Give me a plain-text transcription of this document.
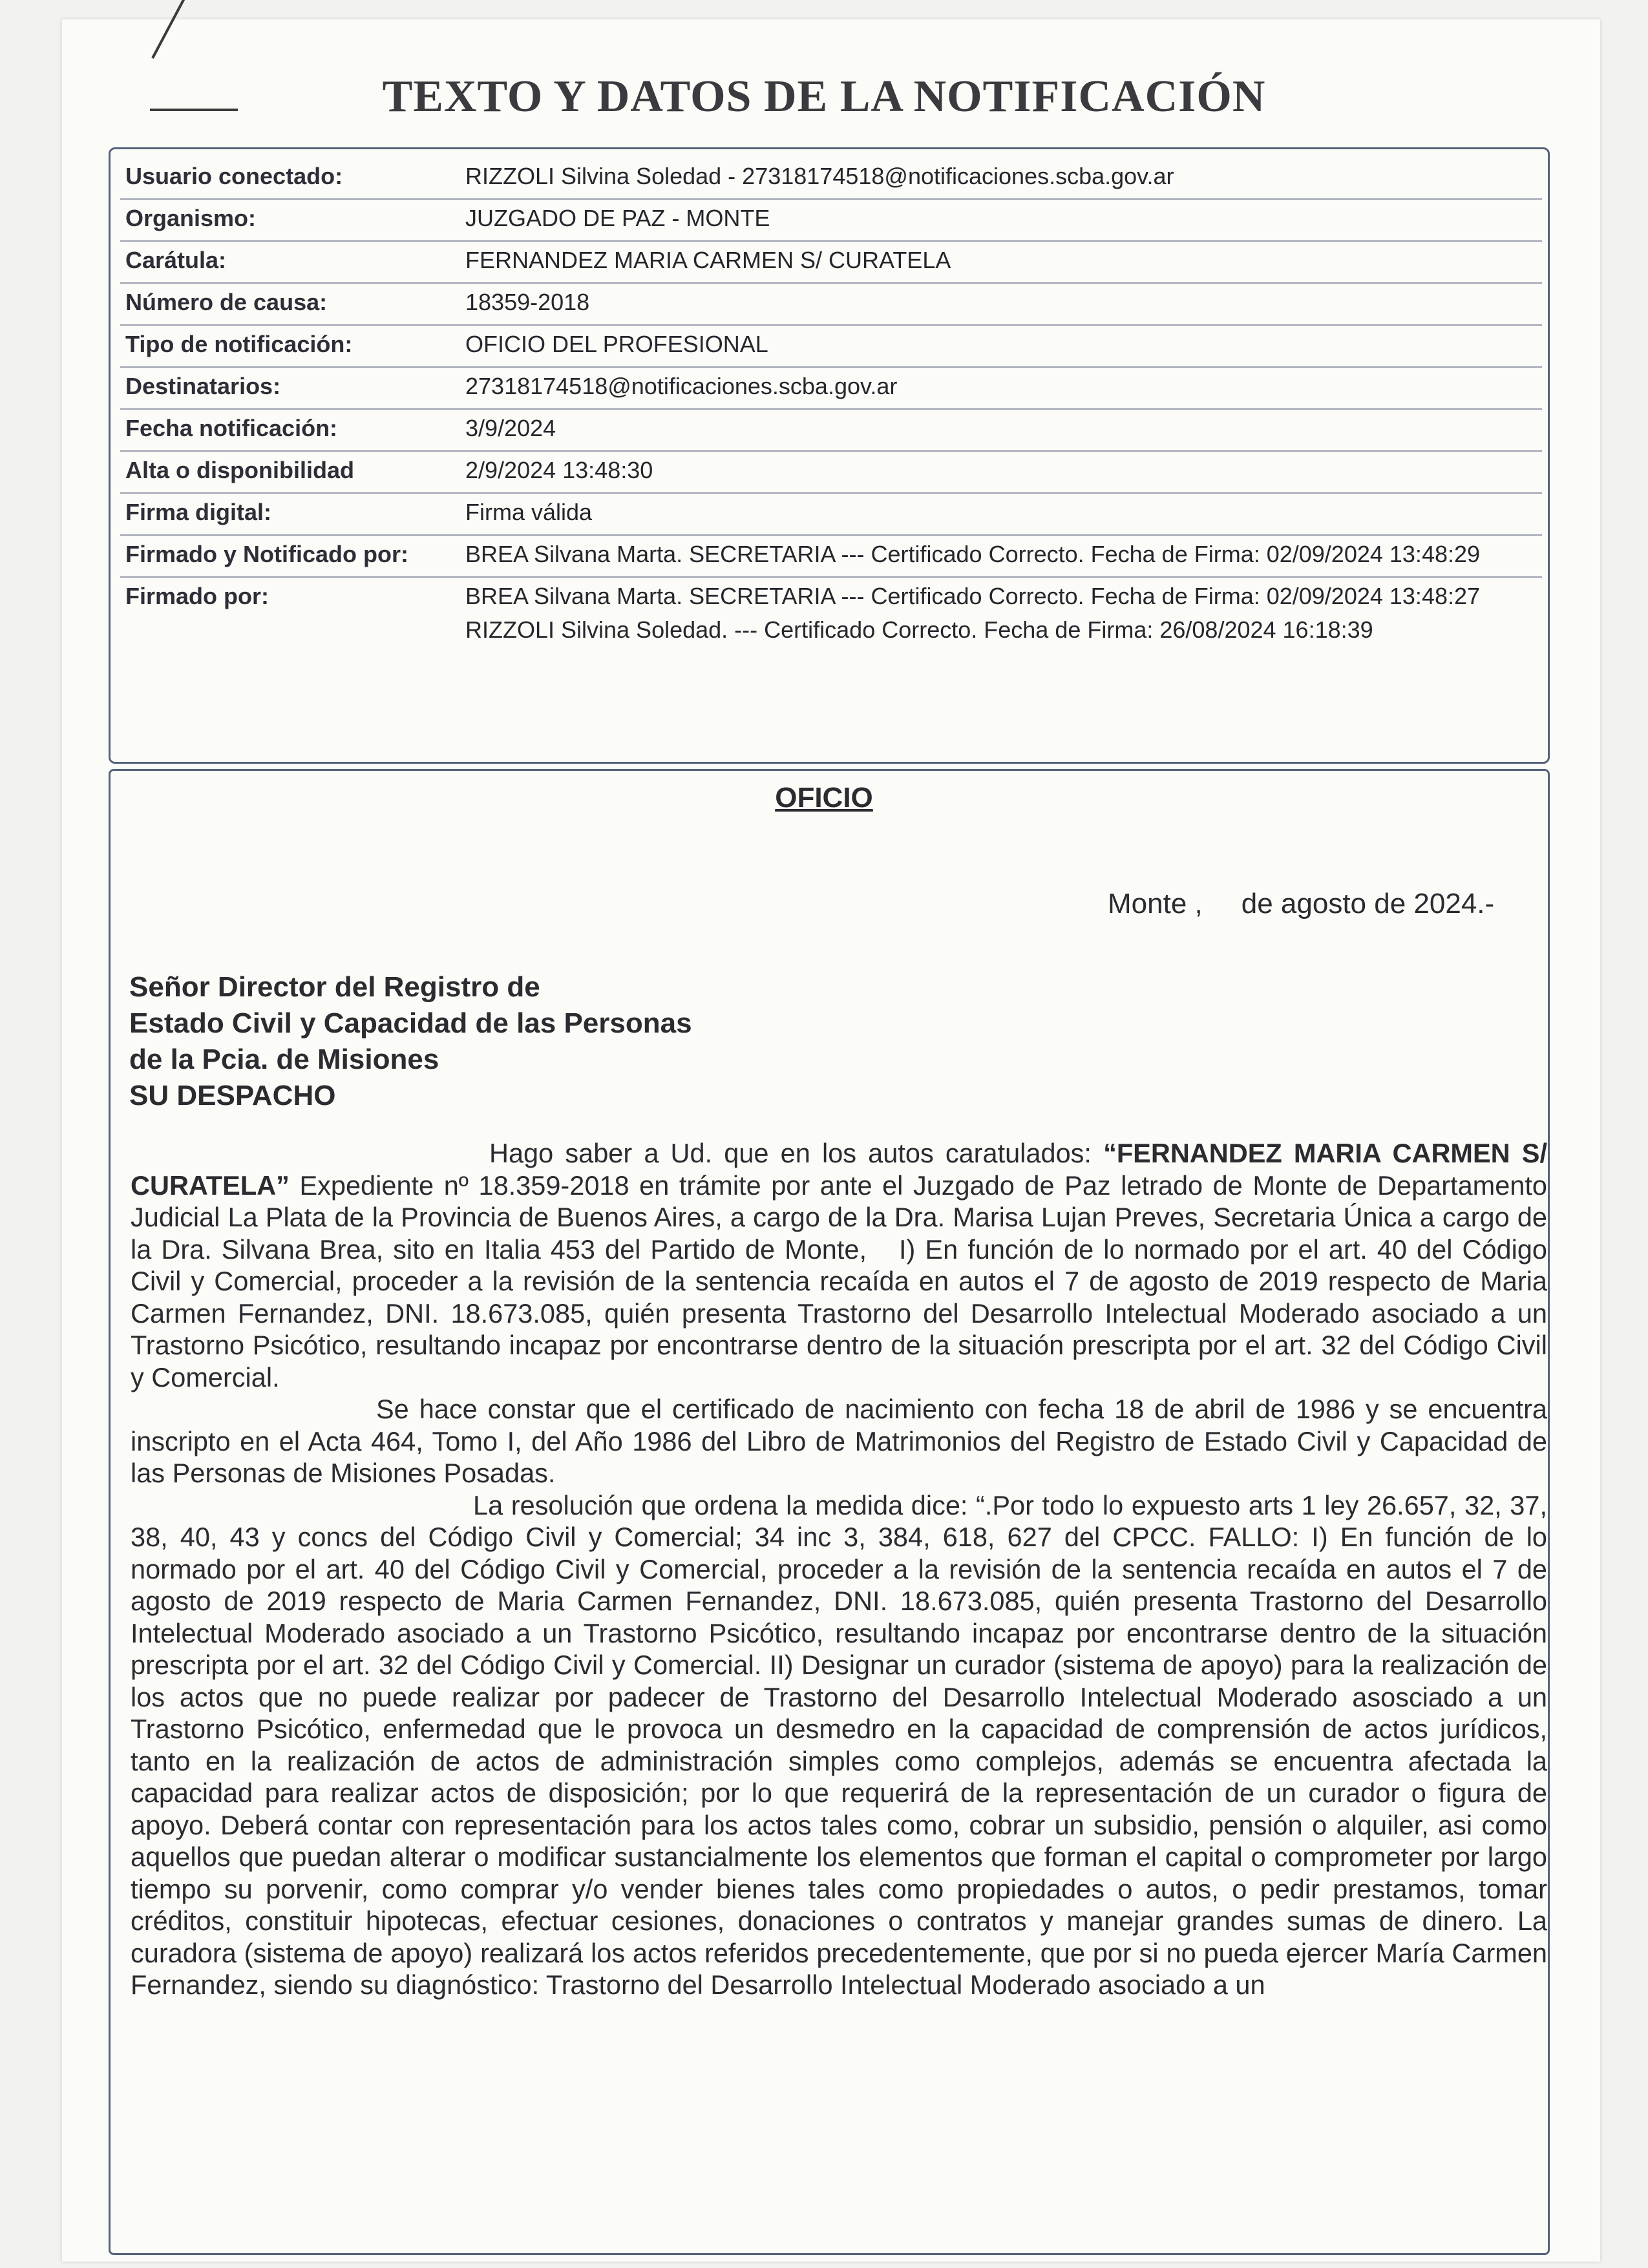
TEXTO Y DATOS DE LA NOTIFICACIÓN
Usuario conectado:	RIZZOLI Silvina Soledad - 27318174518@notificaciones.scba.gov.ar
Organismo:	JUZGADO DE PAZ - MONTE
Carátula:	FERNANDEZ MARIA CARMEN S/ CURATELA
Número de causa:	18359-2018
Tipo de notificación:	OFICIO DEL PROFESIONAL
Destinatarios:	27318174518@notificaciones.scba.gov.ar
Fecha notificación:	3/9/2024
Alta o disponibilidad	2/9/2024 13:48:30
Firma digital:	Firma válida
Firmado y Notificado por:	BREA Silvana Marta. SECRETARIA --- Certificado Correcto. Fecha de Firma: 02/09/2024 13:48:29
Firmado por:	BREA Silvana Marta. SECRETARIA --- Certificado Correcto. Fecha de Firma: 02/09/2024 13:48:27 RIZZOLI Silvina Soledad. --- Certificado Correcto. Fecha de Firma: 26/08/2024 16:18:39
OFICIO
Monte , de agosto de 2024.-
Señor Director del Registro de
Estado Civil y Capacidad de las Personas
de la Pcia. de Misiones
SU DESPACHO

Hago saber a Ud. que en los autos caratulados: “FERNANDEZ MARIA CARMEN S/ CURATELA” Expediente nº 18.359-2018 en trámite por ante el Juzgado de Paz letrado de Monte de Departamento Judicial La Plata de la Provincia de Buenos Aires, a cargo de la Dra. Marisa Lujan Preves, Secretaria Única a cargo de la Dra. Silvana Brea, sito en Italia 453 del Partido de Monte, I) En función de lo normado por el art. 40 del Código Civil y Comercial, proceder a la revisión de la sentencia recaída en autos el 7 de agosto de 2019 respecto de Maria Carmen Fernandez, DNI. 18.673.085, quién presenta Trastorno del Desarrollo Intelectual Moderado asociado a un Trastorno Psicótico, resultando incapaz por encontrarse dentro de la situación prescripta por el art. 32 del Código Civil y Comercial.

Se hace constar que el certificado de nacimiento con fecha 18 de abril de 1986 y se encuentra inscripto en el Acta 464, Tomo I, del Año 1986 del Libro de Matrimonios del Registro de Estado Civil y Capacidad de las Personas de Misiones Posadas.

La resolución que ordena la medida dice: “.Por todo lo expuesto arts 1 ley 26.657, 32, 37, 38, 40, 43 y concs del Código Civil y Comercial; 34 inc 3, 384, 618, 627 del CPCC. FALLO: I) En función de lo normado por el art. 40 del Código Civil y Comercial, proceder a la revisión de la sentencia recaída en autos el 7 de agosto de 2019 respecto de Maria Carmen Fernandez, DNI. 18.673.085, quién presenta Trastorno del Desarrollo Intelectual Moderado asociado a un Trastorno Psicótico, resultando incapaz por encontrarse dentro de la situación prescripta por el art. 32 del Código Civil y Comercial. II) Designar un curador (sistema de apoyo) para la realización de los actos que no puede realizar por padecer de Trastorno del Desarrollo Intelectual Moderado asosciado a un Trastorno Psicótico, enfermedad que le provoca un desmedro en la capacidad de comprensión de actos jurídicos, tanto en la realización de actos de administración simples como complejos, además se encuentra afectada la capacidad para realizar actos de disposición; por lo que requerirá de la representación de un curador o figura de apoyo. Deberá contar con representación para los actos tales como, cobrar un subsidio, pensión o alquiler, asi como aquellos que puedan alterar o modificar sustancialmente los elementos que forman el capital o comprometer por largo tiempo su porvenir, como comprar y/o vender bienes tales como propiedades o autos, o pedir prestamos, tomar créditos, constituir hipotecas, efectuar cesiones, donaciones o contratos y manejar grandes sumas de dinero. La curadora (sistema de apoyo) realizará los actos referidos precedentemente, que por si no pueda ejercer María Carmen Fernandez, siendo su diagnóstico: Trastorno del Desarrollo Intelectual Moderado asociado a un
